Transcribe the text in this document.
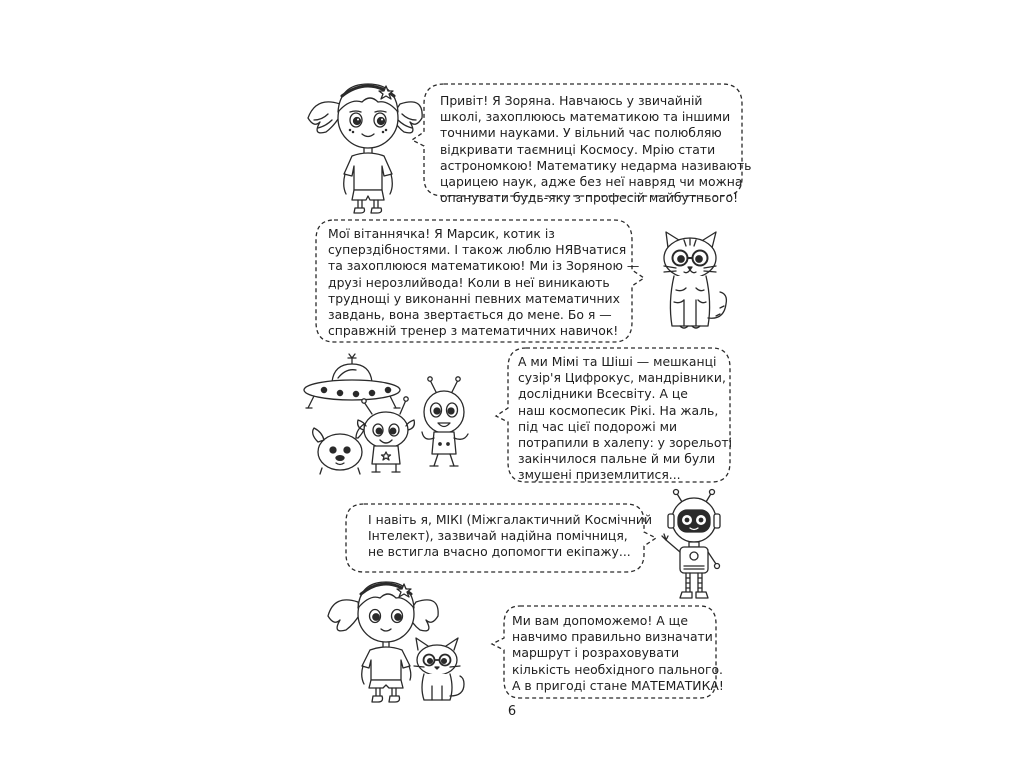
Привіт! Я Зоряна. Навчаюсь у звичайній
школі, захоплююсь математикою та іншими
точними науками. У вільний час полюбляю
відкривати таємниці Космосу. Мрію стати
астрономкою! Математику недарма називають
царицею наук, адже без неї навряд чи можна
опанувати будь-яку з професій майбутнього!
Мої вітаннячка! Я Марсик, котик із
суперздібностями. І також люблю НЯВчатися
та захоплююся математикою! Ми із Зоряною —
друзі нерозлийвода! Коли в неї виникають
труднощі у виконанні певних математичних
завдань, вона звертається до мене. Бо я —
справжній тренер з математичних навичок!
А ми Мімі та Шіші — мешканці
сузір'я Цифрокус, мандрівники,
дослідники Всесвіту. А це
наш космопесик Рікі. На жаль,
під час цієї подорожі ми
потрапили в халепу: у зорельоті
закінчилося пальне й ми були
змушені приземлитися...
І навіть я, МІКІ (Міжгалактичний Космічний
Інтелект), зазвичай надійна помічниця,
не встигла вчасно допомогти екіпажу...
Ми вам допоможемо! А ще
навчимо правильно визначати
маршрут і розраховувати
кількість необхідного пального.
А в пригоді стане МАТЕМАТИКА!
6
